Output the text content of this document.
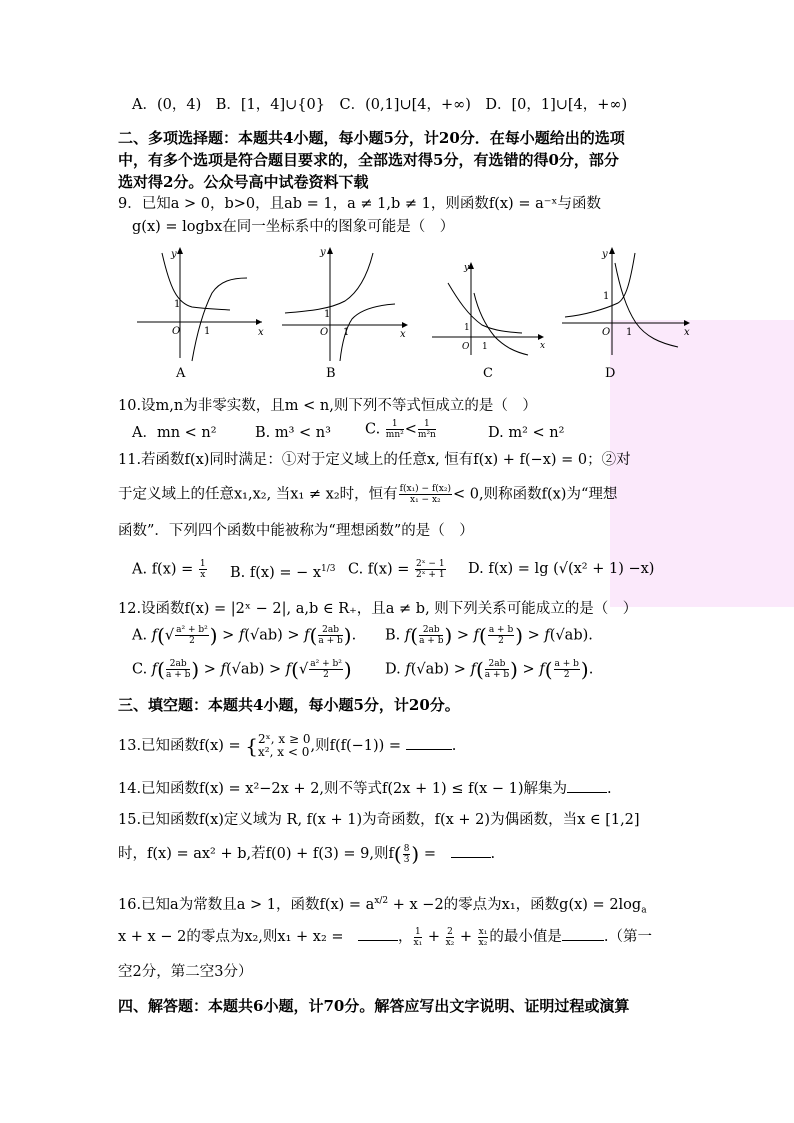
A．(0，4)　B．[1，4]∪{0}　C．(0,1]∪[4，+∞)　D．[0，1]∪[4，+∞)
二、多项选择题：本题共4小题，每小题5分，计20分．在每小题给出的选项
中，有多个选项是符合题目要求的，全部选对得5分，有选错的得0分，部分
选对得2分。公众号高中试卷资料下载
9．已知a > 0，b>0，且ab = 1，a ≠ 1,b ≠ 1，则函数f(x) = a⁻ˣ与函数
g(x) = logbx在同一坐标系中的图象可能是（　）
y
x
O
1
1
A
y
x
O
1
1
B
y
x
O
1
1
C
y
x
O
1
1
D
10.设m,n为非零实数，且m < n,则下列不等式恒成立的是（　）
A．mn < n²	B. m³ < n³ C. $\frac{1}{\text{mn²}} < \frac{1}{\text{m²n}}$	D. m² < n²
11.若函数f(x)同时满足：①对于定义域上的任意x, 恒有f(x) + f(−x) = 0；②对
于定义域上的任意x₁,x₂, 当x₁ ≠ x₂时，恒有 $\frac{\text{f(x₁) − f(x₂)}}{\text{x₁ − x₂}} < 0$,则称函数f(x)为“理想
函数”．下列四个函数中能被称为“理想函数”的是（　）
A. $f(x) = \frac{1}{x} B$. f(x) = − $x^{1/3}$ C. $f(x) = \frac{\text{2ˣ − 1}}{\text{2ˣ + 1}} D$. f(x) = lg (√(x² + 1) −x)
12.设函数f(x) = |2ˣ − 2|, a,b ∈ R₊，且a ≠ b, 则下列关系可能成立的是（　）
A. $f(√ \frac{\text{a² + b²}}{2}$ ) > $f(√ab) > f( \frac{2ab}{a + b}$ ). B. $f( \frac{2ab}{a + b}$ ) > $f( \frac{a + b}{2}$ ) > f(√ab).
C. $f( \frac{2ab}{a + b}$ ) > $f(√ab) > f(√ \frac{\text{a² + b²}}{2}$ ) D. $f(√ab) > f( \frac{2ab}{a + b}$ ) > $f( \frac{a + b}{2}$ ).
三、填空题：本题共4小题，每小题5分，计20分。
13.已知函数f(x) = { 2ˣ, x ≥ 0
x², x < 0 ,则f(f(−1)) =	.
14.已知函数f(x) = x²−2x + 2,则不等式f(2x + 1) ≤ f(x − 1)解集为	.
15.已知函数f(x)定义域为 R, f(x + 1)为奇函数，f(x + 2)为偶函数，当x ∈ [1,2]
时，f(x) = ax² + b,若f(0) + f(3) = 9,则$f( \frac{8}{3}$ ) =　	.
16.已知a为常数且a > 1，函数$f(x) = a^{x/2} + x -2$的零点为x₁，函数$g(x) = 2\log_a$
x + x − 2的零点为x₂,则x₁ + x₂ =　	， $\frac{1}{\text{x₁}} + \frac{2}{\text{x₂}} + \frac{\text{x₁}}{\text{x₂}}$ 的最小值是	.（第一
空2分，第二空3分）
四、解答题：本题共6小题，计70分。解答应写出文字说明、证明过程或演算
